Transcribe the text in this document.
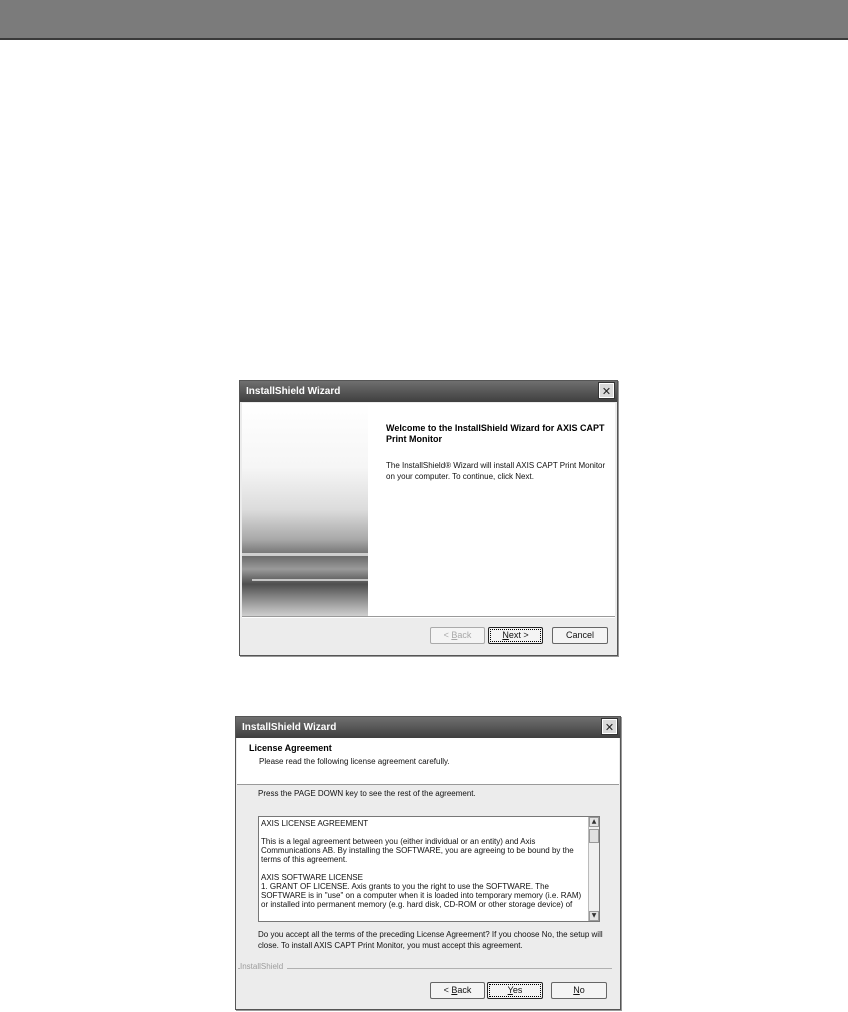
InstallShield Wizard	✕
Welcome to the InstallShield Wizard for AXIS CAPT Print Monitor
The InstallShield® Wizard will install AXIS CAPT Print Monitor on your computer. To continue, click Next.
< Back	Next >	Cancel
InstallShield Wizard	✕
License Agreement
Please read the following license agreement carefully.
Press the PAGE DOWN key to see the rest of the agreement.

AXIS LICENSE AGREEMENT

This is a legal agreement between you (either individual or an entity) and Axis Communications AB. By installing the SOFTWARE, you are agreeing to be bound by the terms of this agreement.

AXIS SOFTWARE LICENSE
1. GRANT OF LICENSE. Axis grants to you the right to use the SOFTWARE. The SOFTWARE is in "use" on a computer when it is loaded into temporary memory (i.e. RAM) or installed into permanent memory (e.g. hard disk, CD-ROM or other storage device) of

▲
▼
Do you accept all the terms of the preceding License Agreement? If you choose No, the setup will close. To install AXIS CAPT Print Monitor, you must accept this agreement.
InstallShield
< Back	Yes	No
